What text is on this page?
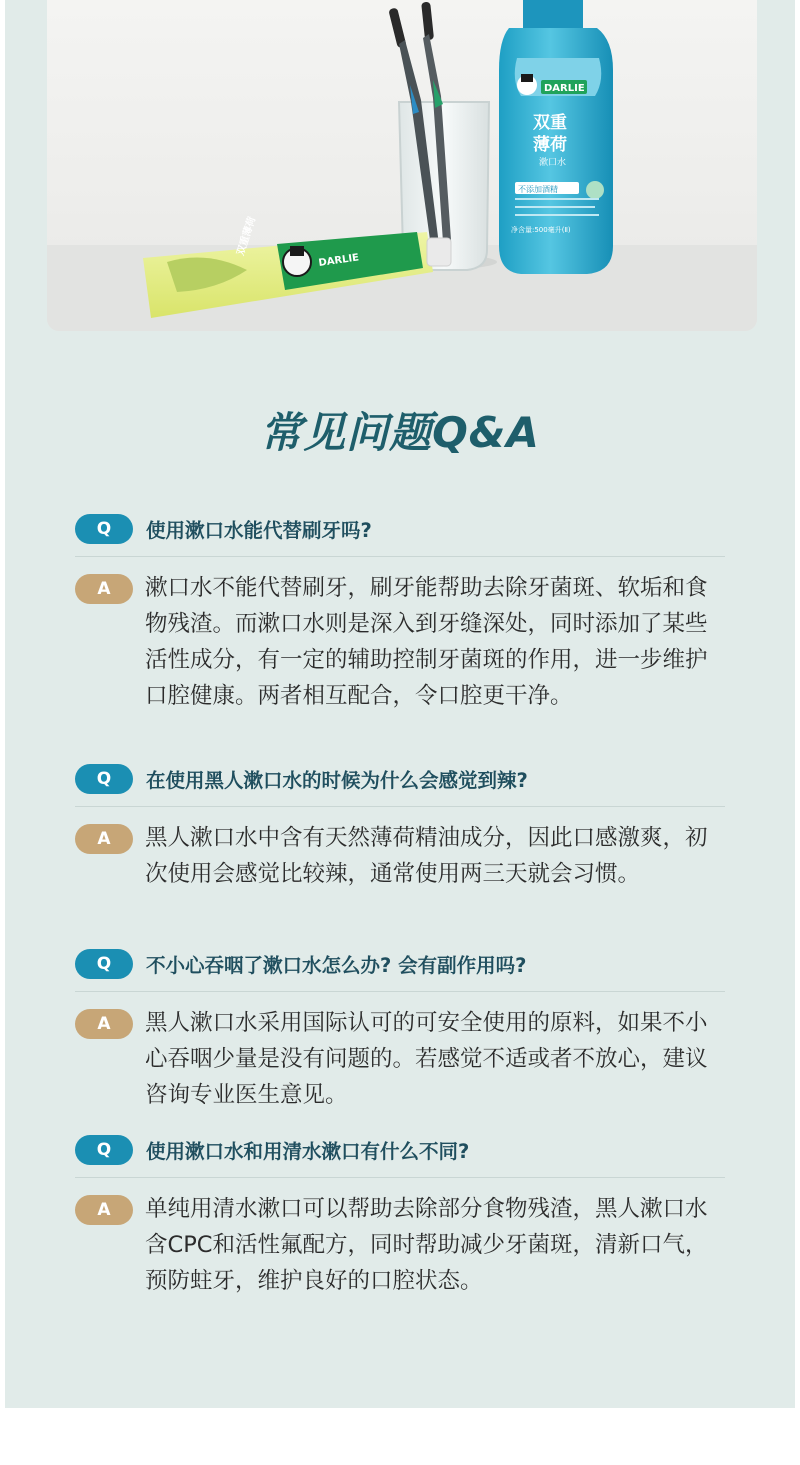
DARLIE
双重薄荷
DARLIE
双重
薄荷
漱口水
不添加酒精
净含量:500毫升(Ⅱ)
常见问题Q&A
Q	使用漱口水能代替刷牙吗?
A	漱口水不能代替刷牙，刷牙能帮助去除牙菌斑、软垢和食物残渣。而漱口水则是深入到牙缝深处，同时添加了某些活性成分，有一定的辅助控制牙菌斑的作用，进一步维护口腔健康。两者相互配合，令口腔更干净。
Q	在使用黑人漱口水的时候为什么会感觉到辣?
A	黑人漱口水中含有天然薄荷精油成分，因此口感激爽，初次使用会感觉比较辣，通常使用两三天就会习惯。
Q	不小心吞咽了漱口水怎么办? 会有副作用吗?
A	黑人漱口水采用国际认可的可安全使用的原料，如果不小心吞咽少量是没有问题的。若感觉不适或者不放心，建议咨询专业医生意见。
Q	使用漱口水和用清水漱口有什么不同?
A	单纯用清水漱口可以帮助去除部分食物残渣，黑人漱口水含CPC和活性氟配方，同时帮助减少牙菌斑，清新口气，预防蛀牙，维护良好的口腔状态。
